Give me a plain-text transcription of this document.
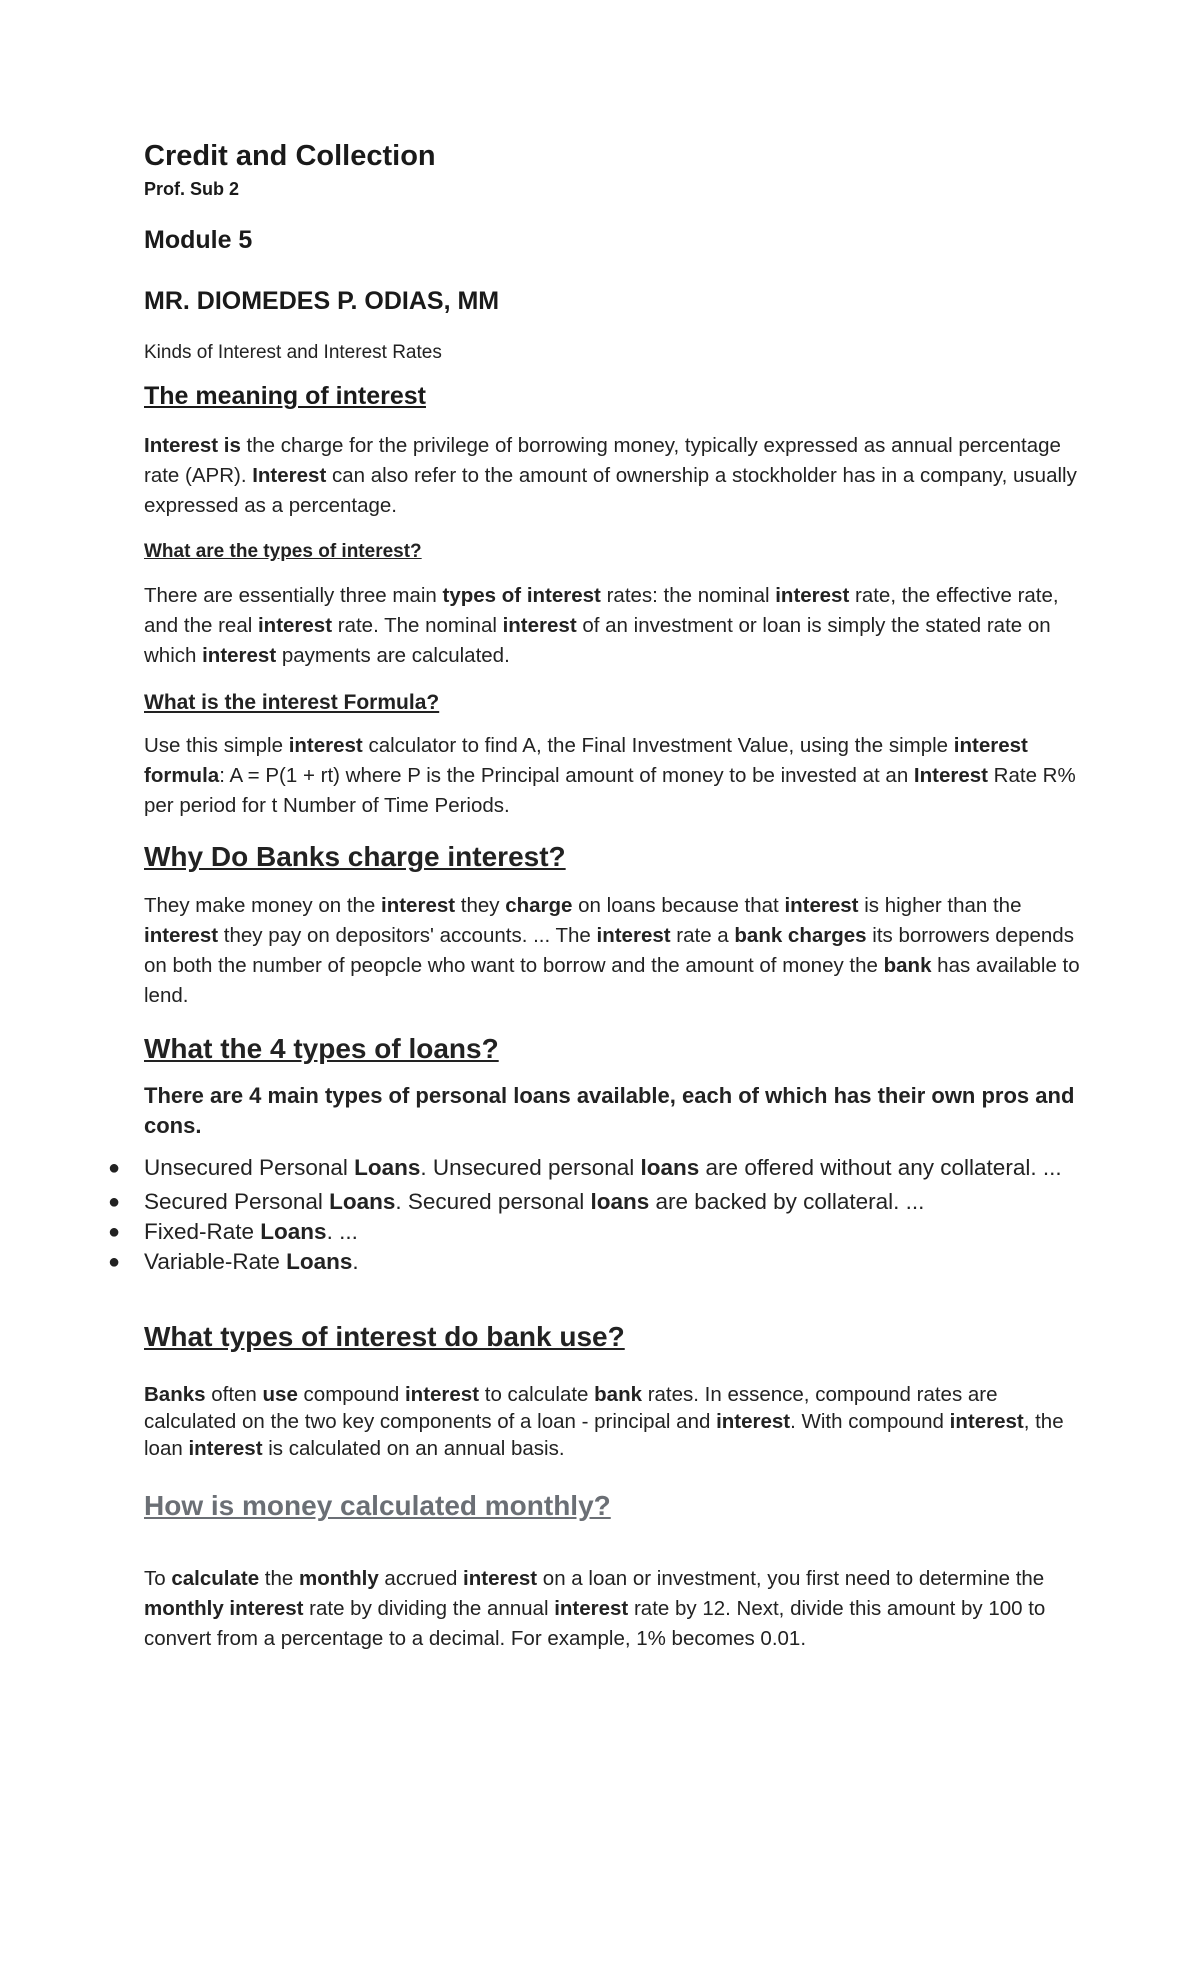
Credit and Collection

Prof. Sub 2

Module 5

MR. DIOMEDES P. ODIAS, MM

Kinds of Interest and Interest Rates

The meaning of interest

Interest is the charge for the privilege of borrowing money, typically expressed as annual percentage rate (APR). Interest can also refer to the amount of ownership a stockholder has in a company, usually expressed as a percentage.

What are the types of interest?

There are essentially three main types of interest rates: the nominal interest rate, the effective rate, and the real interest rate. The nominal interest of an investment or loan is simply the stated rate on which interest payments are calculated.

What is the interest Formula?

Use this simple interest calculator to find A, the Final Investment Value, using the simple interest formula: A = P(1 + rt) where P is the Principal amount of money to be invested at an Interest Rate R% per period for t Number of Time Periods.

Why Do Banks charge interest?

They make money on the interest they charge on loans because that interest is higher than the interest they pay on depositors' accounts. ... The interest rate a bank charges its borrowers depends on both the number of peopcle who want to borrow and the amount of money the bank has available to lend.

What the 4 types of loans?

There are 4 main types of personal loans available, each of which has their own pros and cons.

● Unsecured Personal Loans. Unsecured personal loans are offered without any collateral. ...
● Secured Personal Loans. Secured personal loans are backed by collateral. ...
● Fixed-Rate Loans. ...
● Variable-Rate Loans.

What types of interest do bank use?

Banks often use compound interest to calculate bank rates. In essence, compound rates are calculated on the two key components of a loan - principal and interest. With compound interest, the loan interest is calculated on an annual basis.

How is money calculated monthly?

To calculate the monthly accrued interest on a loan or investment, you first need to determine the monthly interest rate by dividing the annual interest rate by 12. Next, divide this amount by 100 to convert from a percentage to a decimal. For example, 1% becomes 0.01.
